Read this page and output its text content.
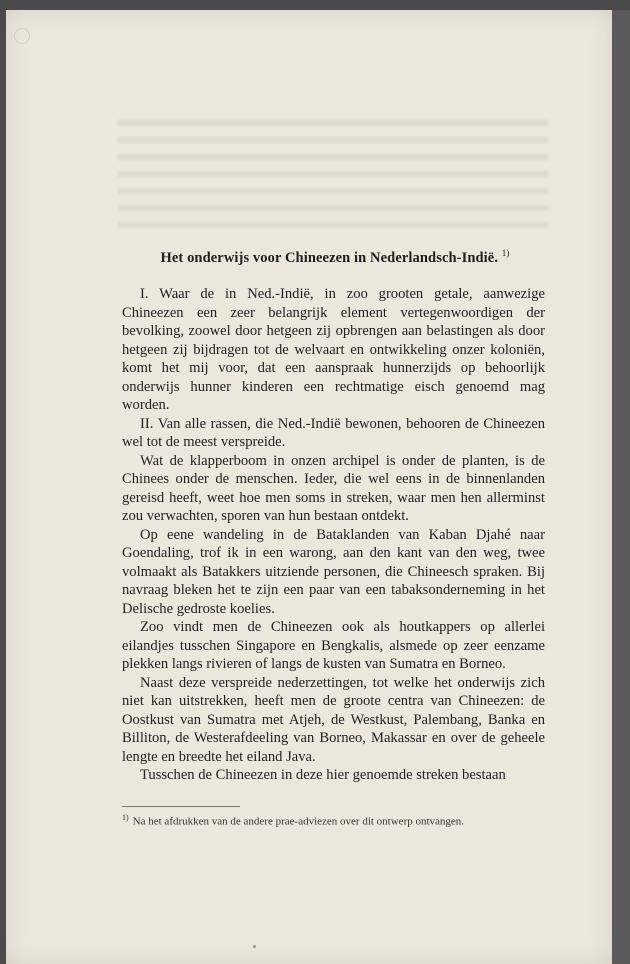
Het onderwijs voor Chineezen in Nederlandsch-Indië. $^{1)}$

I. Waar de in Ned.-Indië, in zoo grooten getale, aanwezige Chineezen een zeer belangrijk element vertegenwoordigen der bevolking, zoowel door hetgeen zij opbrengen aan belastingen als door hetgeen zij bijdragen tot de welvaart en ontwikkeling onzer koloniën, komt het mij voor, dat een aanspraak hunnerzijds op behoorlijk onderwijs hunner kinderen een rechtmatige eisch genoemd mag worden.

II. Van alle rassen, die Ned.-Indië bewonen, behooren de Chineezen wel tot de meest verspreide.

Wat de klapperboom in onzen archipel is onder de planten, is de Chinees onder de menschen. Ieder, die wel eens in de binnenlanden gereisd heeft, weet hoe men soms in streken, waar men hen allerminst zou verwachten, sporen van hun bestaan ontdekt.

Op eene wandeling in de Bataklanden van Kaban Djahé naar Goendaling, trof ik in een warong, aan den kant van den weg, twee volmaakt als Batakkers uitziende personen, die Chineesch spraken. Bij navraag bleken het te zijn een paar van een tabaksonderneming in het Delische gedroste koelies.

Zoo vindt men de Chineezen ook als houtkappers op allerlei eilandjes tusschen Singapore en Bengkalis, alsmede op zeer eenzame plekken langs rivieren of langs de kusten van Sumatra en Borneo.

Naast deze verspreide nederzettingen, tot welke het onderwijs zich niet kan uitstrekken, heeft men de groote centra van Chineezen: de Oostkust van Sumatra met Atjeh, de Westkust, Palembang, Banka en Billiton, de Westerafdeeling van Borneo, Makassar en over de geheele lengte en breedte het eiland Java.

Tusschen de Chineezen in deze hier genoemde streken bestaan

$^{1)}$ Na het afdrukken van de andere prae-adviezen over dit ontwerp ontvangen.
